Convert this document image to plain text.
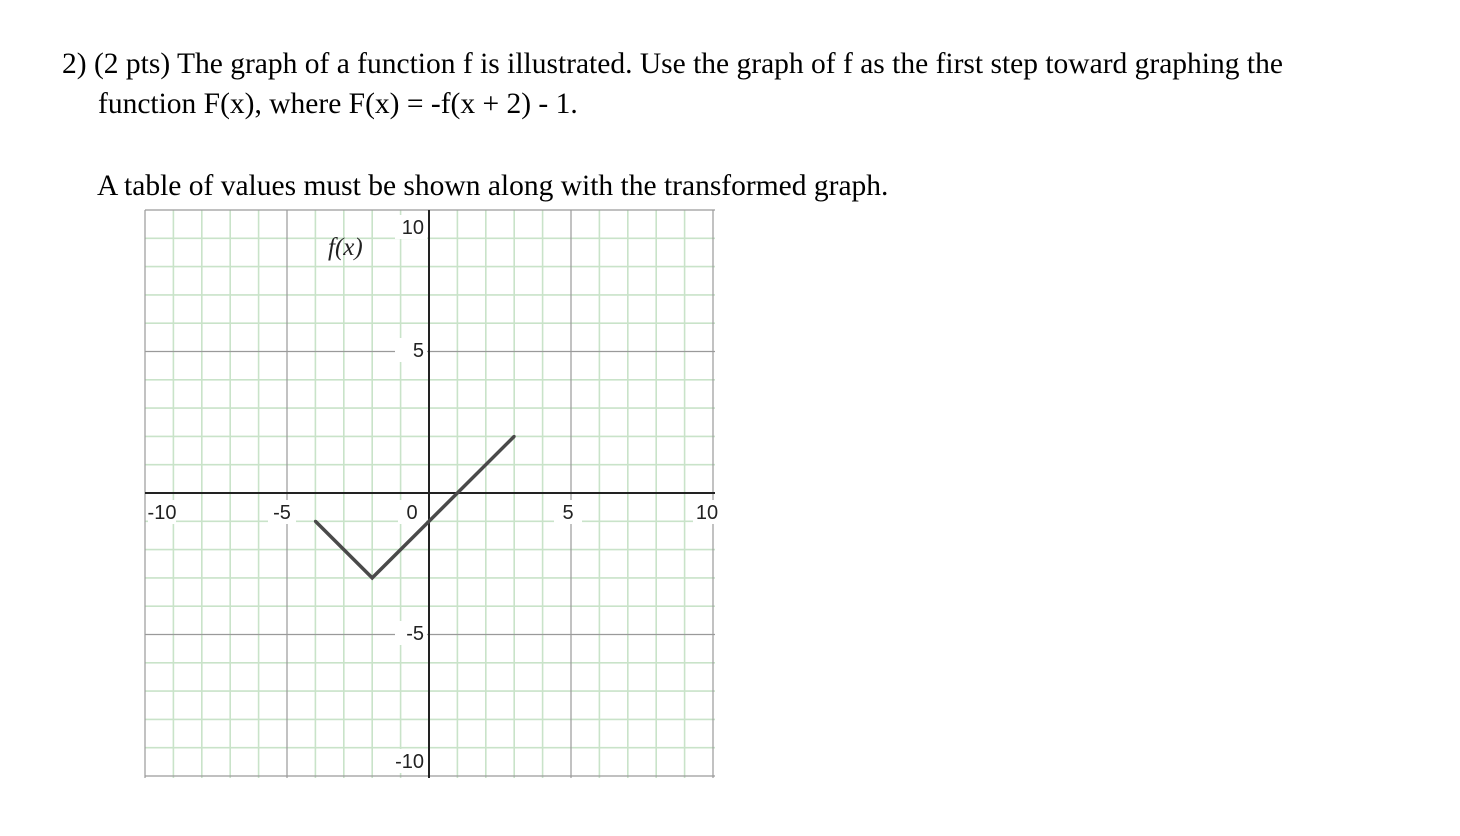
2) (2 pts) The graph of a function f is illustrated. Use the graph of f as the first step toward graphing the
function F(x), where F(x) = -f(x + 2) - 1.
A table of values must be shown along with the transformed graph.
-10	-5	0	5	10
10
5
-5
-10
f(x)
